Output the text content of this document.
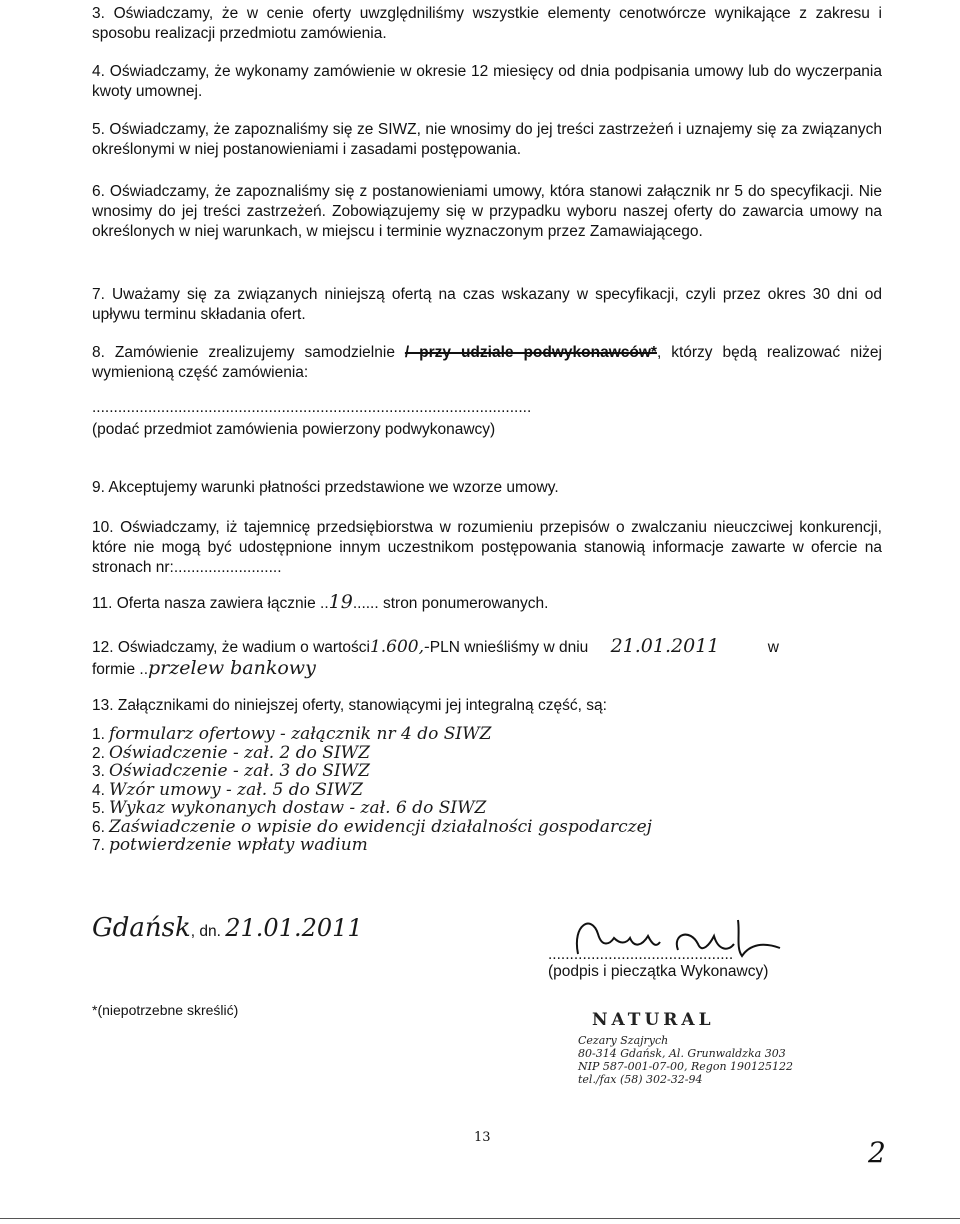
3. Oświadczamy, że w cenie oferty uwzględniliśmy wszystkie elementy cenotwórcze wynikające z zakresu i sposobu realizacji przedmiotu zamówienia.
4. Oświadczamy, że wykonamy zamówienie w okresie 12 miesięcy od dnia podpisania umowy lub do wyczerpania kwoty umownej.
5. Oświadczamy, że zapoznaliśmy się ze SIWZ, nie wnosimy do jej treści zastrzeżeń i uznajemy się za związanych określonymi w niej postanowieniami i zasadami postępowania.
6. Oświadczamy, że zapoznaliśmy się z postanowieniami umowy, która stanowi załącznik nr 5 do specyfikacji. Nie wnosimy do jej treści zastrzeżeń. Zobowiązujemy się w przypadku wyboru naszej oferty do zawarcia umowy na określonych w niej warunkach, w miejscu i terminie wyznaczonym przez Zamawiającego.
7. Uważamy się za związanych niniejszą ofertą na czas wskazany w specyfikacji, czyli przez okres 30 dni od upływu terminu składania ofert.
8. Zamówienie zrealizujemy samodzielnie / przy udziale podwykonawców*, którzy będą realizować niżej wymienioną część zamówienia:
......................................................................................................
(podać przedmiot zamówienia powierzony podwykonawcy)
9. Akceptujemy warunki płatności przedstawione we wzorze umowy.
10. Oświadczamy, iż tajemnicę przedsiębiorstwa w rozumieniu przepisów o zwalczaniu nieuczciwej konkurencji, które nie mogą być udostępnione innym uczestnikom postępowania stanowią informacje zawarte w ofercie na stronach nr:.........................
11. Oferta nasza zawiera łącznie ..19...... stron ponumerowanych.
12. Oświadczamy, że wadium o wartości1.600,-PLN wnieśliśmy w dniu 21.01.2011	w
formie ..przelew bankowy
13. Załącznikami do niniejszej oferty, stanowiącymi jej integralną część, są:
1. formularz ofertowy - załącznik nr 4 do SIWZ
2. Oświadczenie - zał. 2 do SIWZ
3. Oświadczenie - zał. 3 do SIWZ
4. Wzór umowy - zał. 5 do SIWZ
5. Wykaz wykonanych dostaw - zał. 6 do SIWZ
6. Zaświadczenie o wpisie do ewidencji działalności gospodarczej
7. potwierdzenie wpłaty wadium
Gdańsk, dn. 21.01.2011
...........................................
(podpis i pieczątka Wykonawcy)
*(niepotrzebne skreślić)	NATURAL
Cezary Szajrych
80-314 Gdańsk, Al. Grunwaldzka 303
NIP 587-001-07-00, Regon 190125122
tel./fax (58) 302-32-94
13	2
